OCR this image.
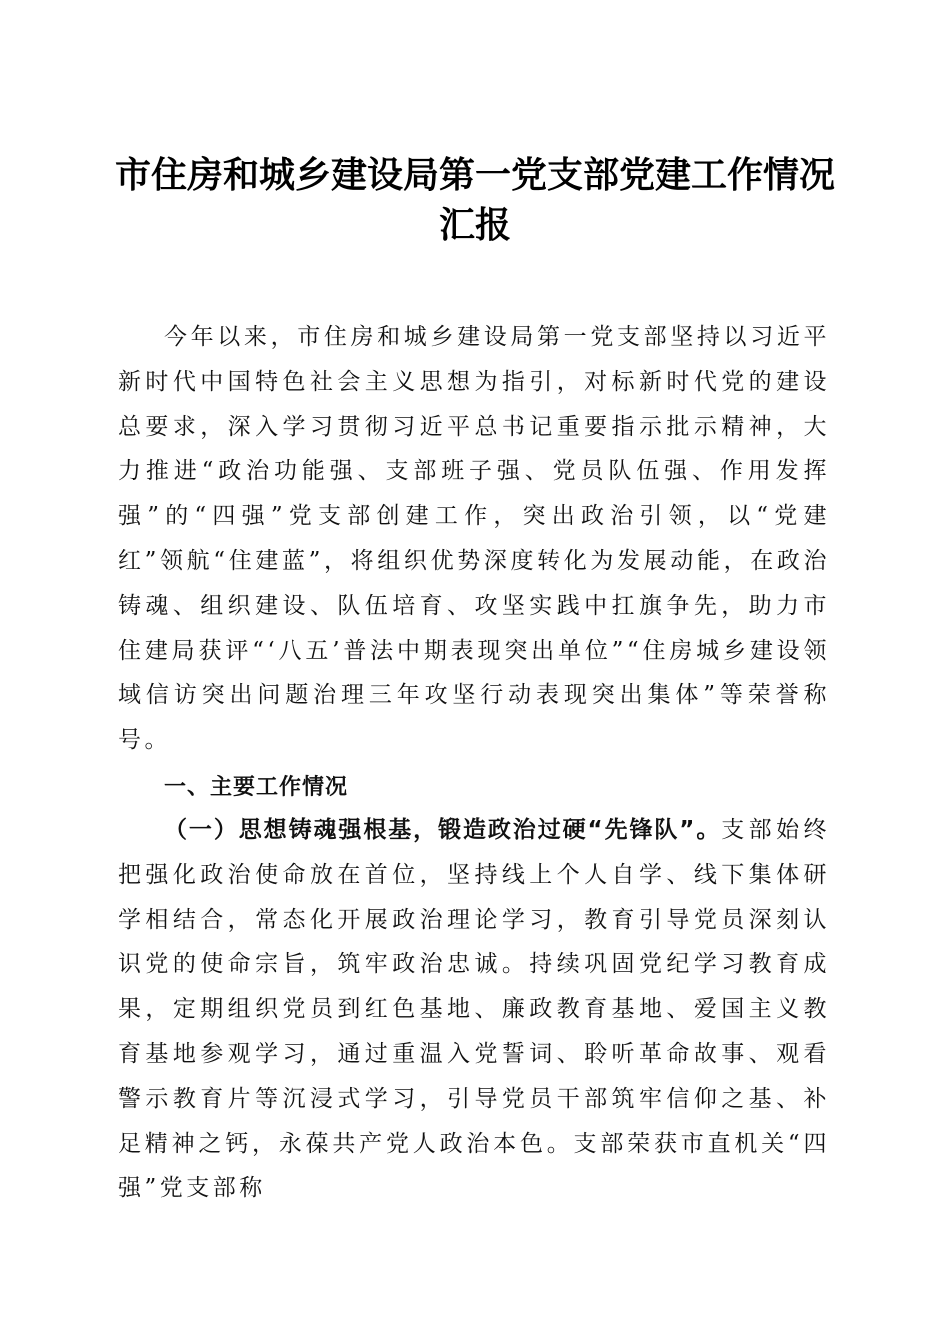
市住房和城乡建设局第一党支部党建工作情况
汇报

今年以来，市住房和城乡建设局第一党支部坚持以习近平新时代中国特色社会主义思想为指引，对标新时代党的建设总要求，深入学习贯彻习近平总书记重要指示批示精神，大力推进“政治功能强、支部班子强、党员队伍强、作用发挥强”的“四强”党支部创建工作，突出政治引领，以“党建红”领航“住建蓝”，将组织优势深度转化为发展动能，在政治铸魂、组织建设、队伍培育、攻坚实践中扛旗争先，助力市住建局获评“‘八五’普法中期表现突出单位”“住房城乡建设领域信访突出问题治理三年攻坚行动表现突出集体”等荣誉称号。

一、主要工作情况

（一）思想铸魂强根基，锻造政治过硬“先锋队”。支部始终把强化政治使命放在首位，坚持线上个人自学、线下集体研学相结合，常态化开展政治理论学习，教育引导党员深刻认识党的使命宗旨，筑牢政治忠诚。持续巩固党纪学习教育成果，定期组织党员到红色基地、廉政教育基地、爱国主义教育基地参观学习，通过重温入党誓词、聆听革命故事、观看警示教育片等沉浸式学习，引导党员干部筑牢信仰之基、补足精神之钙，永葆共产党人政治本色。支部荣获市直机关“四强”党支部称
